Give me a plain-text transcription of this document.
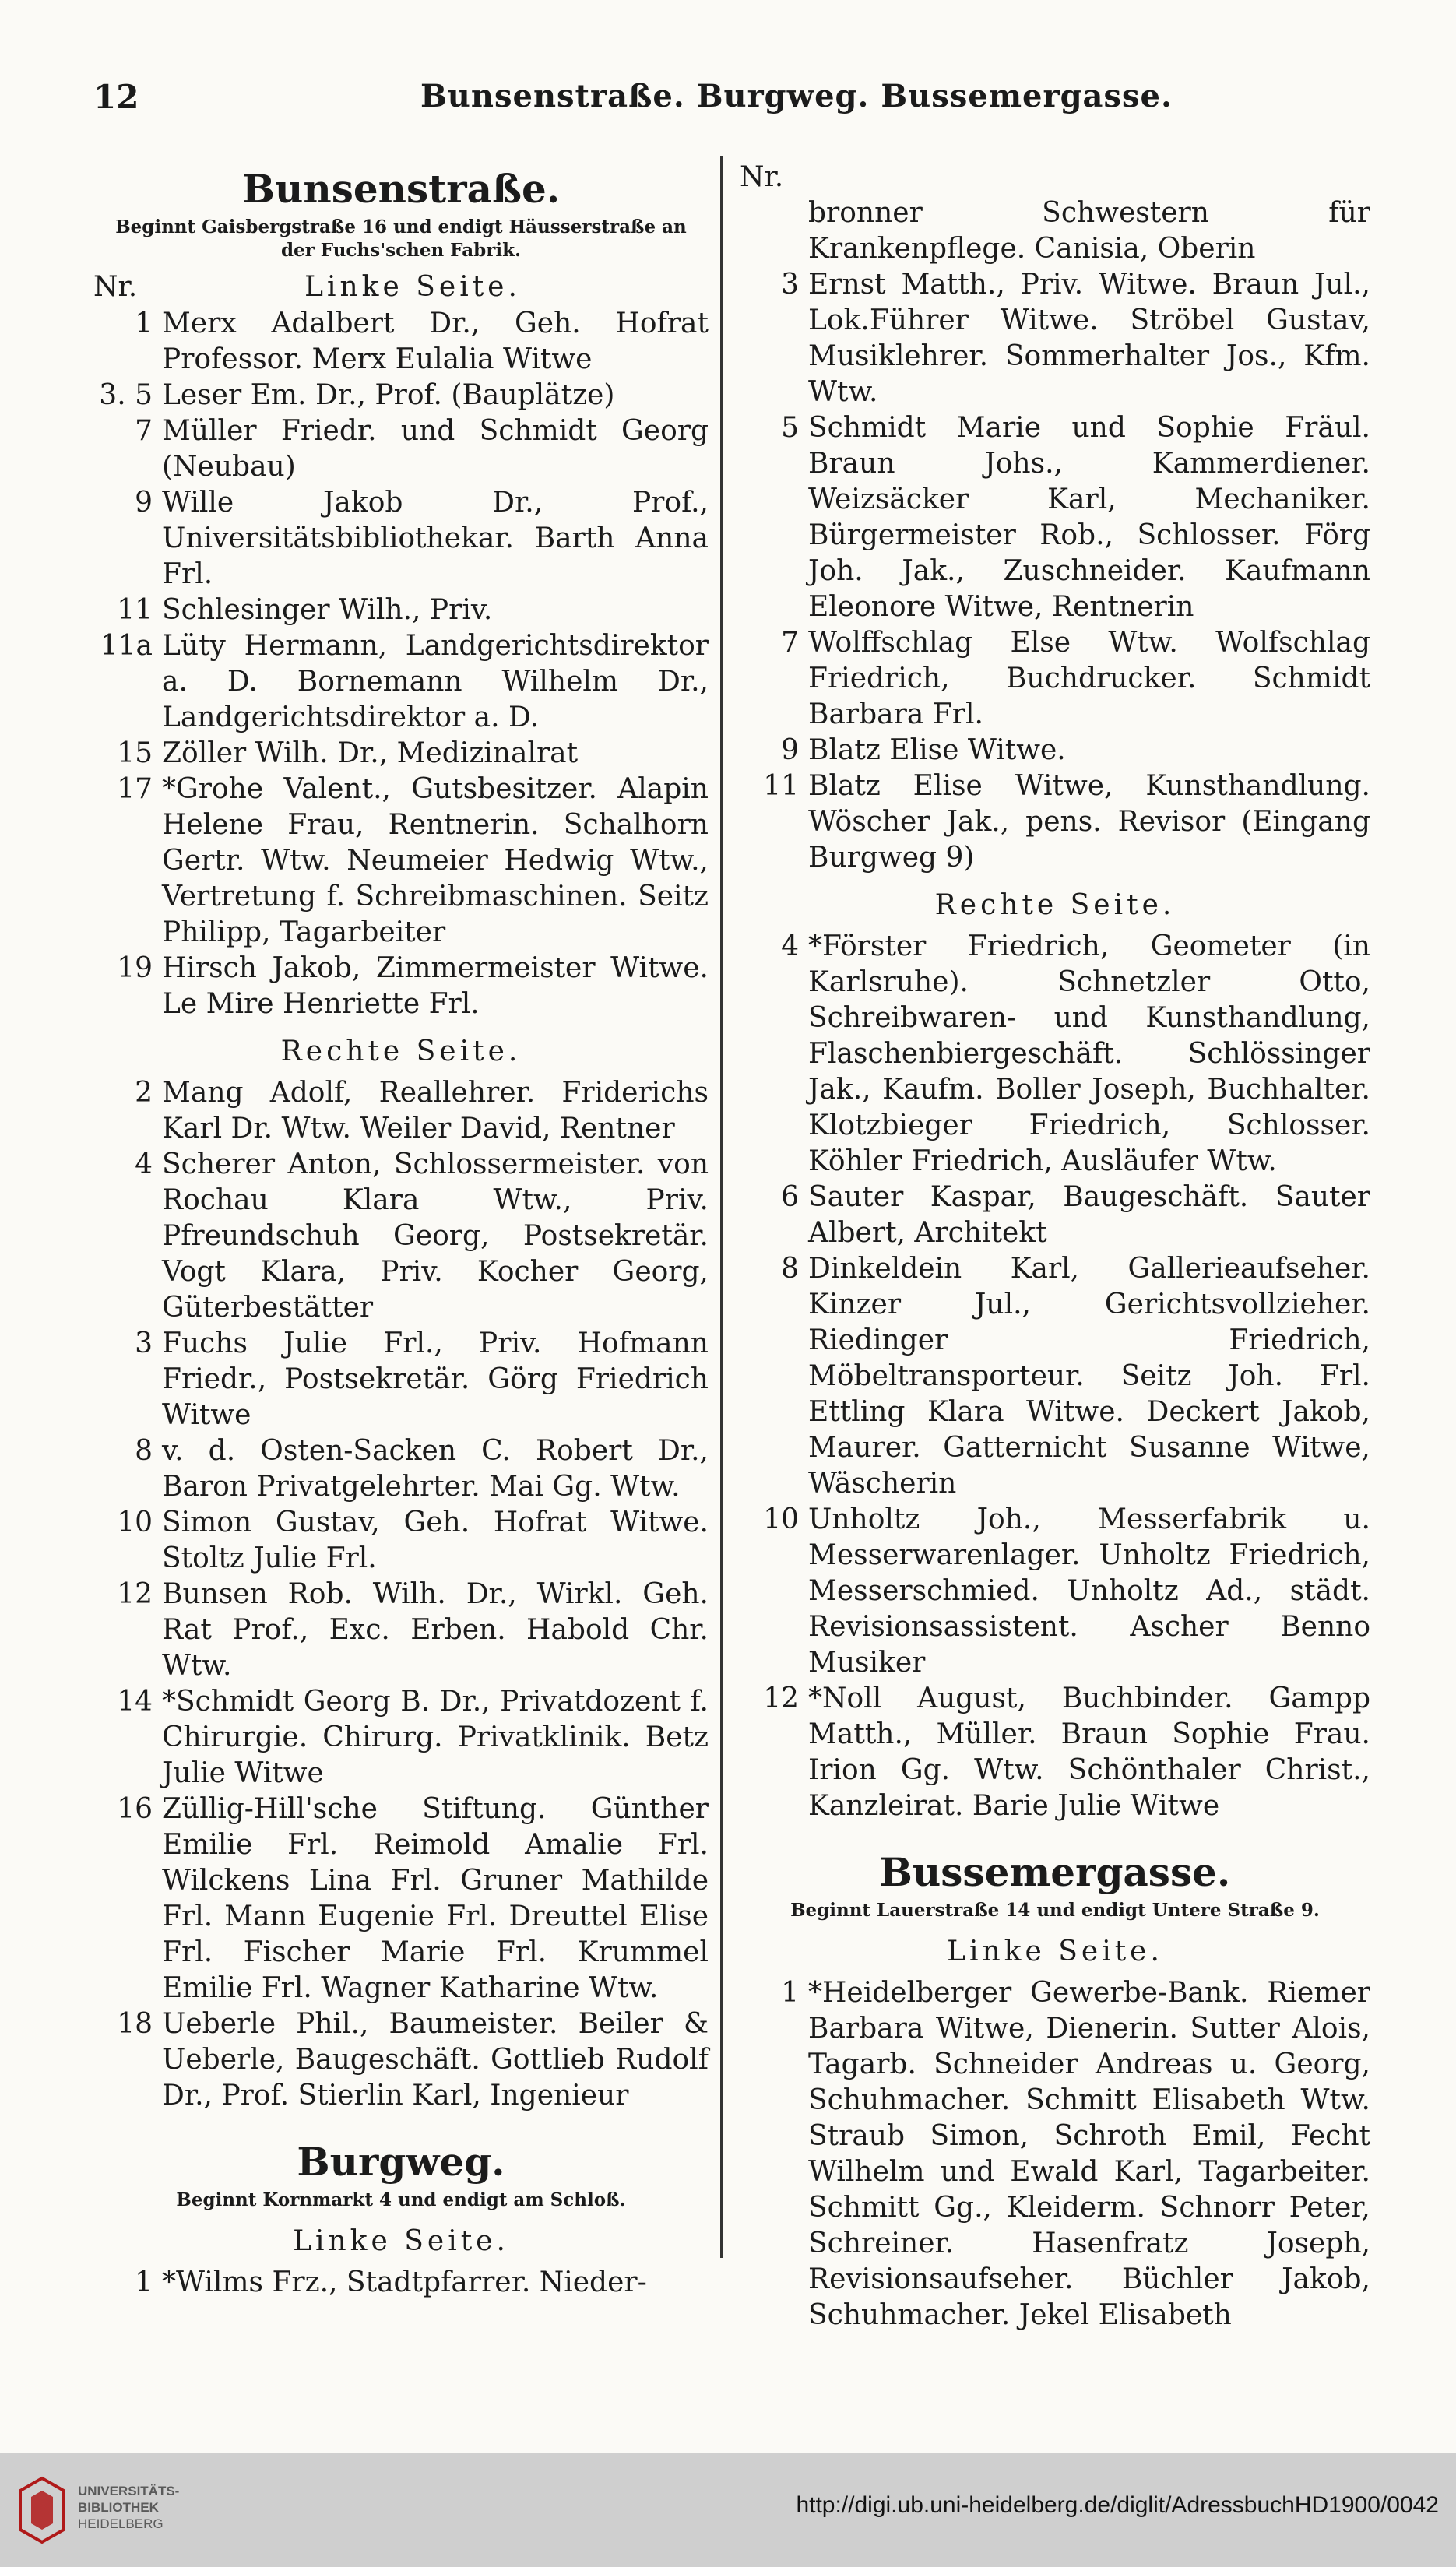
12	Bunsenstraße. Burgweg. Bussemergasse.
Bunsenstraße.
Beginnt Gaisbergstraße 16 und endigt Häusserstraße an der Fuchs'schen Fabrik.
Nr.	Linke Seite.
1 Merx Adalbert Dr., Geh. Hofrat Professor. Merx Eulalia Witwe
3. 5 Leser Em. Dr., Prof. (Bauplätze)
7 Müller Friedr. und Schmidt Georg (Neubau)
9 Wille Jakob Dr., Prof., Universitätsbibliothekar. Barth Anna Frl.
11 Schlesinger Wilh., Priv.
11a Lüty Hermann, Landgerichtsdirektor a. D. Bornemann Wilhelm Dr., Landgerichtsdirektor a. D.
15 Zöller Wilh. Dr., Medizinalrat
17 *Grohe Valent., Gutsbesitzer. Alapin Helene Frau, Rentnerin. Schalhorn Gertr. Wtw. Neumeier Hedwig Wtw., Vertretung f. Schreibmaschinen. Seitz Philipp, Tagarbeiter
19 Hirsch Jakob, Zimmermeister Witwe. Le Mire Henriette Frl.
Rechte Seite.
2 Mang Adolf, Reallehrer. Friderichs Karl Dr. Wtw. Weiler David, Rentner
4 Scherer Anton, Schlossermeister. von Rochau Klara Wtw., Priv. Pfreundschuh Georg, Postsekretär. Vogt Klara, Priv. Kocher Georg, Güterbestätter
3 Fuchs Julie Frl., Priv. Hofmann Friedr., Postsekretär. Görg Friedrich Witwe
8 v. d. Osten-Sacken C. Robert Dr., Baron Privatgelehrter. Mai Gg. Wtw.
10 Simon Gustav, Geh. Hofrat Witwe. Stoltz Julie Frl.
12 Bunsen Rob. Wilh. Dr., Wirkl. Geh. Rat Prof., Exc. Erben. Habold Chr. Wtw.
14 *Schmidt Georg B. Dr., Privatdozent f. Chirurgie. Chirurg. Privatklinik. Betz Julie Witwe
16 Züllig-Hill'sche Stiftung. Günther Emilie Frl. Reimold Amalie Frl. Wilckens Lina Frl. Gruner Mathilde Frl. Mann Eugenie Frl. Dreuttel Elise Frl. Fischer Marie Frl. Krummel Emilie Frl. Wagner Katharine Wtw.
18 Ueberle Phil., Baumeister. Beiler & Ueberle, Baugeschäft. Gottlieb Rudolf Dr., Prof. Stierlin Karl, Ingenieur
Burgweg.
Beginnt Kornmarkt 4 und endigt am Schloß.
Linke Seite.
1 *Wilms Frz., Stadtpfarrer. Nieder-
Nr.
bronner Schwestern für Krankenpflege. Canisia, Oberin
3 Ernst Matth., Priv. Witwe. Braun Jul., Lok.Führer Witwe. Ströbel Gustav, Musiklehrer. Sommerhalter Jos., Kfm. Wtw.
5 Schmidt Marie und Sophie Fräul. Braun Johs., Kammerdiener. Weizsäcker Karl, Mechaniker. Bürgermeister Rob., Schlosser. Förg Joh. Jak., Zuschneider. Kaufmann Eleonore Witwe, Rentnerin
7 Wolffschlag Else Wtw. Wolfschlag Friedrich, Buchdrucker. Schmidt Barbara Frl.
9 Blatz Elise Witwe.
11 Blatz Elise Witwe, Kunsthandlung. Wöscher Jak., pens. Revisor (Eingang Burgweg 9)
Rechte Seite.
4 *Förster Friedrich, Geometer (in Karlsruhe). Schnetzler Otto, Schreibwaren- und Kunsthandlung, Flaschenbiergeschäft. Schlössinger Jak., Kaufm. Boller Joseph, Buchhalter. Klotzbieger Friedrich, Schlosser. Köhler Friedrich, Ausläufer Wtw.
6 Sauter Kaspar, Baugeschäft. Sauter Albert, Architekt
8 Dinkeldein Karl, Gallerieaufseher. Kinzer Jul., Gerichtsvollzieher. Riedinger Friedrich, Möbeltransporteur. Seitz Joh. Frl. Ettling Klara Witwe. Deckert Jakob, Maurer. Gatternicht Susanne Witwe, Wäscherin
10 Unholtz Joh., Messerfabrik u. Messerwarenlager. Unholtz Friedrich, Messerschmied. Unholtz Ad., städt. Revisionsassistent. Ascher Benno Musiker
12 *Noll August, Buchbinder. Gampp Matth., Müller. Braun Sophie Frau. Irion Gg. Wtw. Schönthaler Christ., Kanzleirat. Barie Julie Witwe
Bussemergasse.
Beginnt Lauerstraße 14 und endigt Untere Straße 9.
Linke Seite.
1 *Heidelberger Gewerbe-Bank. Riemer Barbara Witwe, Dienerin. Sutter Alois, Tagarb. Schneider Andreas u. Georg, Schuhmacher. Schmitt Elisabeth Wtw. Straub Simon, Schroth Emil, Fecht Wilhelm und Ewald Karl, Tagarbeiter. Schmitt Gg., Kleiderm. Schnorr Peter, Schreiner. Hasenfratz Joseph, Revisionsaufseher. Büchler Jakob, Schuhmacher. Jekel Elisabeth
UNIVERSITÄTS-
BIBLIOTHEK
HEIDELBERG
http://digi.ub.uni-heidelberg.de/diglit/AdressbuchHD1900/0042
